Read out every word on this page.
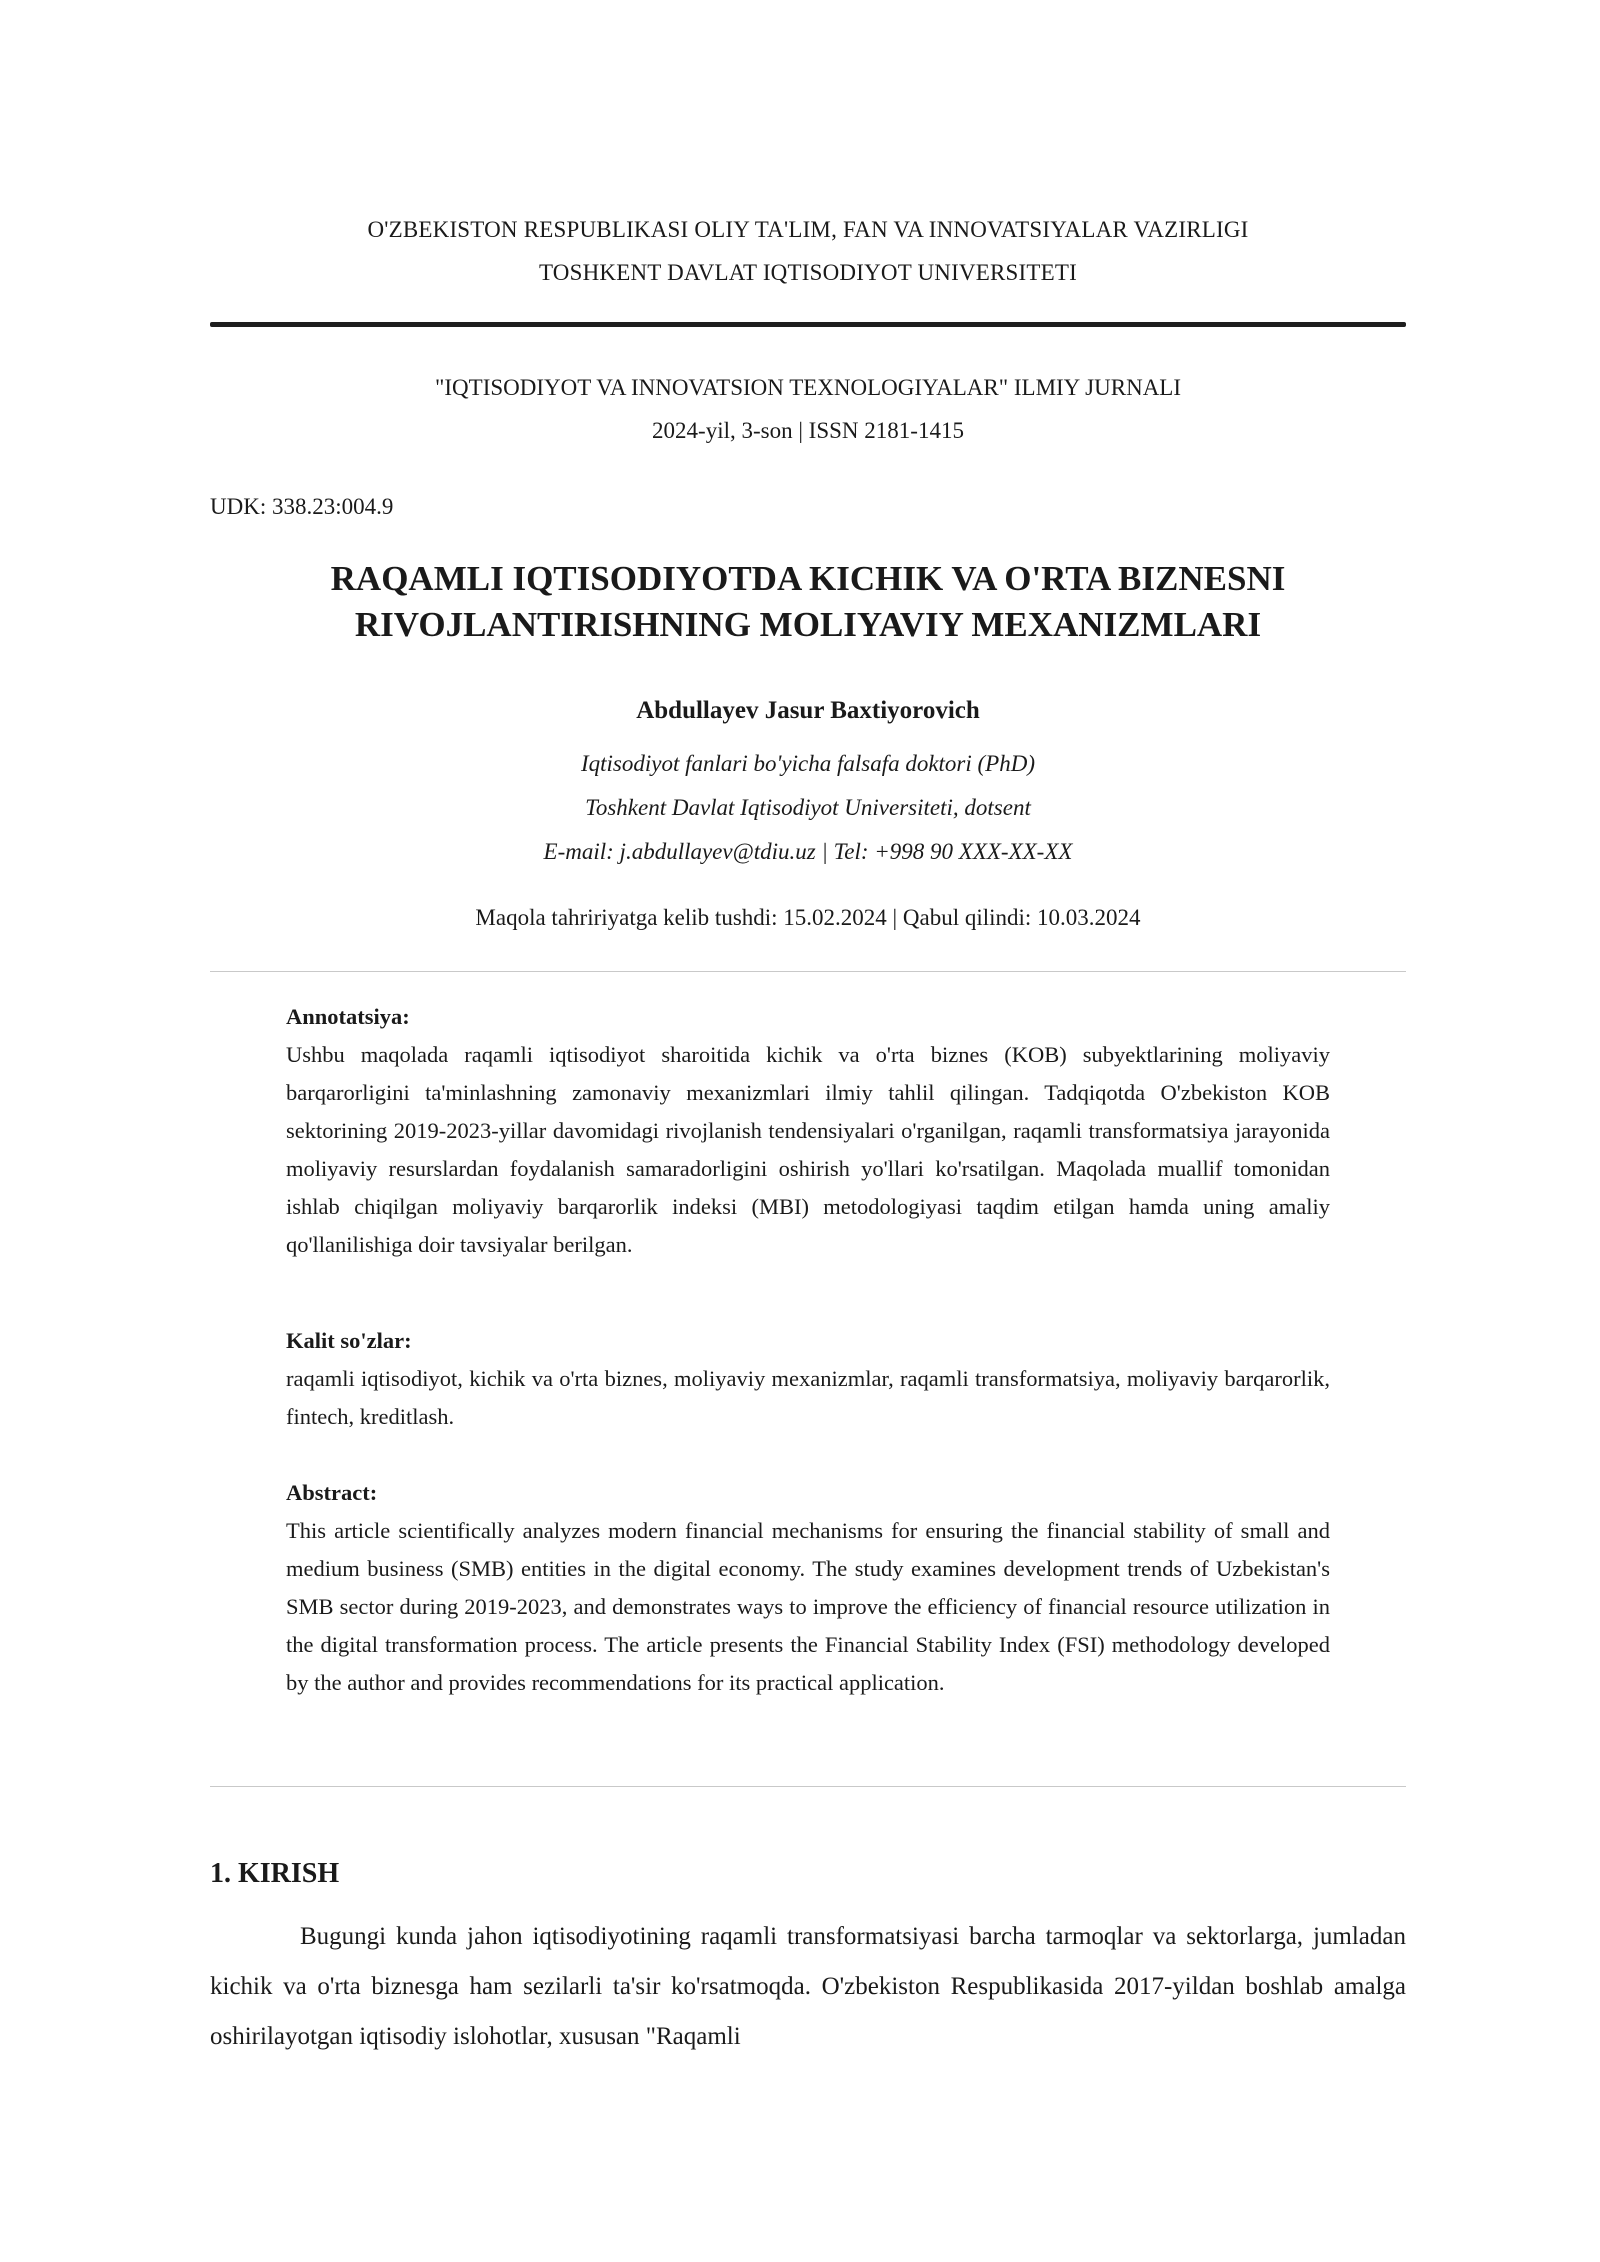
O'ZBEKISTON RESPUBLIKASI OLIY TA'LIM, FAN VA INNOVATSIYALAR VAZIRLIGI
TOSHKENT DAVLAT IQTISODIYOT UNIVERSITETI
"IQTISODIYOT VA INNOVATSION TEXNOLOGIYALAR" ILMIY JURNALI
2024-yil, 3-son | ISSN 2181-1415
UDK: 338.23:004.9
RAQAMLI IQTISODIYOTDA KICHIK VA O'RTA BIZNESNI
RIVOJLANTIRISHNING MOLIYAVIY MEXANIZMLARI
Abdullayev Jasur Baxtiyorovich
Iqtisodiyot fanlari bo'yicha falsafa doktori (PhD)
Toshkent Davlat Iqtisodiyot Universiteti, dotsent
E-mail: j.abdullayev@tdiu.uz | Tel: +998 90 XXX-XX-XX
Maqola tahririyatga kelib tushdi: 15.02.2024 | Qabul qilindi: 10.03.2024
Annotatsiya:
Ushbu maqolada raqamli iqtisodiyot sharoitida kichik va o'rta biznes (KOB) subyektlarining moliyaviy barqarorligini ta'minlashning zamonaviy mexanizmlari ilmiy tahlil qilingan. Tadqiqotda O'zbekiston KOB sektorining 2019-2023-yillar davomidagi rivojlanish tendensiyalari o'rganilgan, raqamli transformatsiya jarayonida moliyaviy resurslardan foydalanish samaradorligini oshirish yo'llari ko'rsatilgan. Maqolada muallif tomonidan ishlab chiqilgan moliyaviy barqarorlik indeksi (MBI) metodologiyasi taqdim etilgan hamda uning amaliy qo'llanilishiga doir tavsiyalar berilgan.
Kalit so'zlar:
raqamli iqtisodiyot, kichik va o'rta biznes, moliyaviy mexanizmlar, raqamli transformatsiya, moliyaviy barqarorlik, fintech, kreditlash.
Abstract:
This article scientifically analyzes modern financial mechanisms for ensuring the financial stability of small and medium business (SMB) entities in the digital economy. The study examines development trends of Uzbekistan's SMB sector during 2019-2023, and demonstrates ways to improve the efficiency of financial resource utilization in the digital transformation process. The article presents the Financial Stability Index (FSI) methodology developed by the author and provides recommendations for its practical application.
1. KIRISH
Bugungi kunda jahon iqtisodiyotining raqamli transformatsiyasi barcha tarmoqlar va sektorlarga, jumladan kichik va o'rta biznesga ham sezilarli ta'sir ko'rsatmoqda. O'zbekiston Respublikasida 2017-yildan boshlab amalga oshirilayotgan iqtisodiy islohotlar, xususan "Raqamli
